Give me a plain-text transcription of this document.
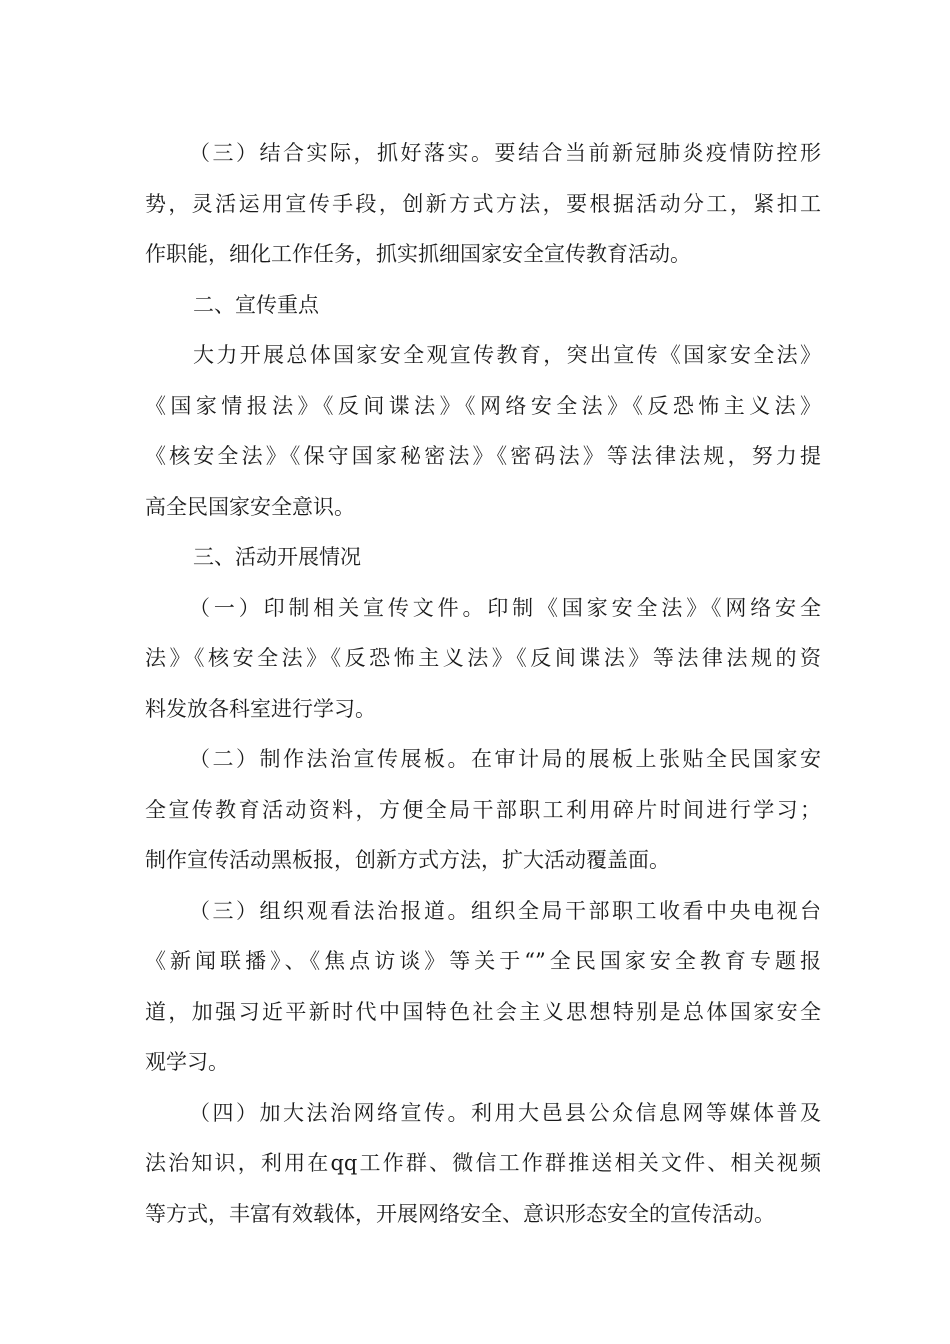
（三）结合实际，抓好落实。要结合当前新冠肺炎疫情防控形
势，灵活运用宣传手段，创新方式方法，要根据活动分工，紧扣工
作职能，细化工作任务，抓实抓细国家安全宣传教育活动。
二、宣传重点
大力开展总体国家安全观宣传教育，突出宣传《国家安全法》
《国家情报法》《反间谍法》《网络安全法》《反恐怖主义法》
《核安全法》《保守国家秘密法》《密码法》等法律法规，努力提
高全民国家安全意识。
三、活动开展情况
（一）印制相关宣传文件。印制《国家安全法》《网络安全
法》《核安全法》《反恐怖主义法》《反间谍法》等法律法规的资
料发放各科室进行学习。
（二）制作法治宣传展板。在审计局的展板上张贴全民国家安
全宣传教育活动资料，方便全局干部职工利用碎片时间进行学习；
制作宣传活动黑板报，创新方式方法，扩大活动覆盖面。
（三）组织观看法治报道。组织全局干部职工收看中央电视台
《新闻联播》、《焦点访谈》等关于“”全民国家安全教育专题报
道，加强习近平新时代中国特色社会主义思想特别是总体国家安全
观学习。
（四）加大法治网络宣传。利用大邑县公众信息网等媒体普及
法治知识，利用在qq工作群、微信工作群推送相关文件、相关视频
等方式，丰富有效载体，开展网络安全、意识形态安全的宣传活动。
